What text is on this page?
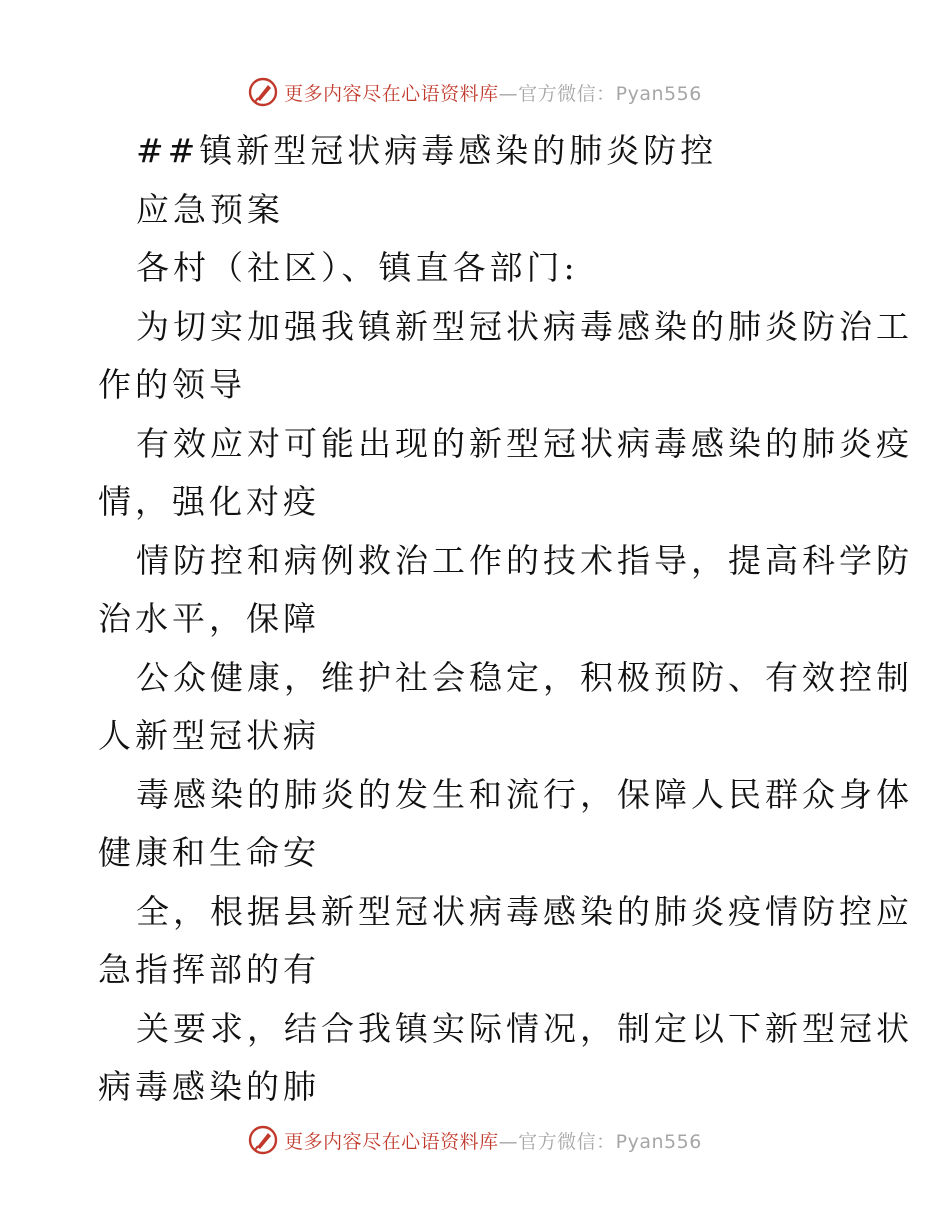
更多内容尽在心语资料库—官方微信：Pyan556
##镇新型冠状病毒感染的肺炎防控
应急预案
各村（社区）、镇直各部门:
为切实加强我镇新型冠状病毒感染的肺炎防治工
作的领导
有效应对可能出现的新型冠状病毒感染的肺炎疫
情，强化对疫
情防控和病例救治工作的技术指导，提高科学防
治水平，保障
公众健康，维护社会稳定，积极预防、有效控制
人新型冠状病
毒感染的肺炎的发生和流行，保障人民群众身体
健康和生命安
全，根据县新型冠状病毒感染的肺炎疫情防控应
急指挥部的有
关要求，结合我镇实际情况，制定以下新型冠状
病毒感染的肺
更多内容尽在心语资料库—官方微信：Pyan556
